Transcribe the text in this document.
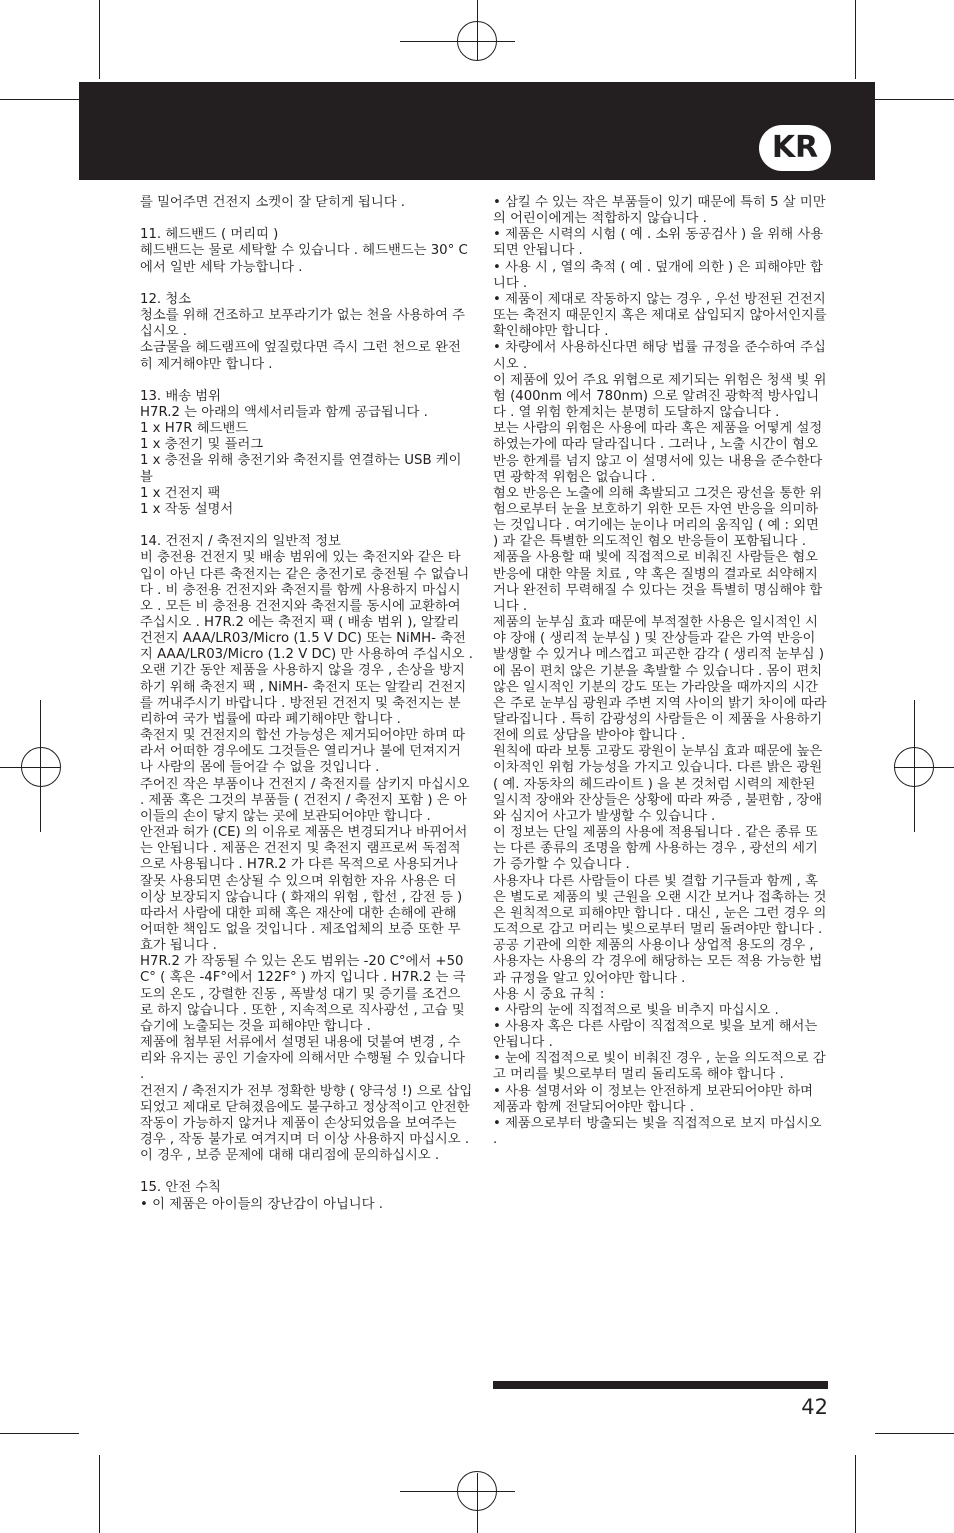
KR

를 밀어주면 건전지 소켓이 잘 닫히게 됩니다 .

11. 헤드밴드 ( 머리띠 )

헤드밴드는 물로 세탁할 수 있습니다 . 헤드밴드는 30° C 에서 일반 세탁 가능합니다 .

12. 청소

청소를 위해 건조하고 보푸라기가 없는 천을 사용하여 주십시오 .

소금물을 헤드램프에 엎질렀다면 즉시 그런 천으로 완전히 제거해야만 합니다 .

13. 배송 범위

H7R.2 는 아래의 액세서리들과 함께 공급됩니다 .

1 x H7R 헤드밴드

1 x 충전기 및 플러그

1 x 충전을 위해 충전기와 축전지를 연결하는 USB 케이블

1 x 건전지 팩

1 x 작동 설명서

14. 건전지 / 축전지의 일반적 정보

비 충전용 건전지 및 배송 범위에 있는 축전지와 같은 타입이 아닌 다른 축전지는 같은 충전기로 충전될 수 없습니다 . 비 충전용 건전지와 축전지를 함께 사용하지 마십시오 . 모든 비 충전용 건전지와 축전지를 동시에 교환하여 주십시오 . H7R.2 에는 축전지 팩 ( 배송 범위 ), 알칼리 건전지 AAA/LR03/Micro (1.5 V DC) 또는 NiMH- 축전지 AAA/LR03/Micro (1.2 V DC) 만 사용하여 주십시오 .

오랜 기간 동안 제품을 사용하지 않을 경우 , 손상을 방지하기 위해 축전지 팩 , NiMH- 축전지 또는 알칼리 건전지를 꺼내주시기 바랍니다 . 방전된 건전지 및 축전지는 분리하여 국가 법률에 따라 폐기해야만 합니다 .

축전지 및 건전지의 합선 가능성은 제거되어야만 하며 따라서 어떠한 경우에도 그것들은 열리거나 불에 던져지거나 사람의 몸에 들어갈 수 없을 것입니다 .

주어진 작은 부품이나 건전지 / 축전지를 삼키지 마십시오 . 제품 혹은 그것의 부품들 ( 건전지 / 축전지 포함 ) 은 아이들의 손이 닿지 않는 곳에 보관되어야만 합니다 .

안전과 허가 (CE) 의 이유로 제품은 변경되거나 바뀌어서는 안됩니다 . 제품은 건전지 및 축전지 램프로써 독점적으로 사용됩니다 . H7R.2 가 다른 목적으로 사용되거나 잘못 사용되면 손상될 수 있으며 위험한 자유 사용은 더 이상 보장되지 않습니다 ( 화재의 위험 , 합선 , 감전 등 ) 따라서 사람에 대한 피해 혹은 재산에 대한 손해에 관해 어떠한 책임도 없을 것입니다 . 제조업체의 보증 또한 무효가 됩니다 .

H7R.2 가 작동될 수 있는 온도 범위는 -20 C°에서 +50 C° ( 혹은 -4F°에서 122F° ) 까지 입니다 . H7R.2 는 극도의 온도 , 강렬한 진동 , 폭발성 대기 및 증기를 조건으로 하지 않습니다 . 또한 , 지속적으로 직사광선 , 고습 및 습기에 노출되는 것을 피해야만 합니다 .

제품에 첨부된 서류에서 설명된 내용에 덧붙여 변경 , 수리와 유지는 공인 기술자에 의해서만 수행될 수 있습니다 .

건전지 / 축전지가 전부 정확한 방향 ( 양극성 !) 으로 삽입되었고 제대로 닫혀졌음에도 불구하고 정상적이고 안전한 작동이 가능하지 않거나 제품이 손상되었음을 보여주는 경우 , 작동 불가로 여겨지며 더 이상 사용하지 마십시오 . 이 경우 , 보증 문제에 대해 대리점에 문의하십시오 .

15. 안전 수칙

• 이 제품은 아이들의 장난감이 아닙니다 .

• 삼킬 수 있는 작은 부품들이 있기 때문에 특히 5 살 미만의 어린이에게는 적합하지 않습니다 .

• 제품은 시력의 시험 ( 예 . 소위 동공검사 ) 을 위해 사용되면 안됩니다 .

• 사용 시 , 열의 축적 ( 예 . 덮개에 의한 ) 은 피해야만 합니다 .

• 제품이 제대로 작동하지 않는 경우 , 우선 방전된 건전지 또는 축전지 때문인지 혹은 제대로 삽입되지 않아서인지를 확인해야만 합니다 .

• 차량에서 사용하신다면 해당 법률 규정을 준수하여 주십시오 .

이 제품에 있어 주요 위협으로 제기되는 위험은 청색 빛 위험 (400nm 에서 780nm) 으로 알려진 광학적 방사입니다 . 열 위험 한계치는 분명히 도달하지 않습니다 .

보는 사람의 위험은 사용에 따라 혹은 제품을 어떻게 설정하였는가에 따라 달라집니다 . 그러나 , 노출 시간이 혐오 반응 한계를 넘지 않고 이 설명서에 있는 내용을 준수한다면 광학적 위험은 없습니다 .

혐오 반응은 노출에 의해 촉발되고 그것은 광선을 통한 위험으로부터 눈을 보호하기 위한 모든 자연 반응을 의미하는 것입니다 . 여기에는 눈이나 머리의 움직임 ( 예 : 외면 ) 과 같은 특별한 의도적인 혐오 반응들이 포함됩니다 .

제품을 사용할 때 빛에 직접적으로 비춰진 사람들은 혐오 반응에 대한 약물 치료 , 약 혹은 질병의 결과로 쇠약해지거나 완전히 무력해질 수 있다는 것을 특별히 명심해야 합니다 .

제품의 눈부심 효과 때문에 부적절한 사용은 일시적인 시야 장애 ( 생리적 눈부심 ) 및 잔상들과 같은 가역 반응이 발생할 수 있거나 메스껍고 피곤한 감각 ( 생리적 눈부심 ) 에 몸이 편치 않은 기분을 촉발할 수 있습니다 . 몸이 편치 않은 일시적인 기분의 강도 또는 가라앉을 때까지의 시간은 주로 눈부심 광원과 주변 지역 사이의 밝기 차이에 따라 달라집니다 . 특히 감광성의 사람들은 이 제품을 사용하기 전에 의료 상담을 받아야 합니다 .

원칙에 따라 보통 고광도 광원이 눈부심 효과 때문에 높은 이차적인 위험 가능성을 가지고 있습니다. 다른 밝은 광원 ( 예. 자동차의 헤드라이트 ) 을 본 것처럼 시력의 제한된 일시적 장애와 잔상들은 상황에 따라 짜증 , 불편함 , 장애와 심지어 사고가 발생할 수 있습니다 .

이 정보는 단일 제품의 사용에 적용됩니다 . 같은 종류 또는 다른 종류의 조명을 함께 사용하는 경우 , 광선의 세기가 증가할 수 있습니다 .

사용자나 다른 사람들이 다른 빛 결합 기구들과 함께 , 혹은 별도로 제품의 빛 근원을 오랜 시간 보거나 접촉하는 것은 원칙적으로 피해야만 합니다 . 대신 , 눈은 그런 경우 의도적으로 감고 머리는 빛으로부터 멀리 돌려야만 합니다 .

공공 기관에 의한 제품의 사용이나 상업적 용도의 경우 , 사용자는 사용의 각 경우에 해당하는 모든 적용 가능한 법과 규정을 알고 있어야만 합니다 .

사용 시 중요 규칙 :

• 사람의 눈에 직접적으로 빛을 비추지 마십시오 .

• 사용자 혹은 다른 사람이 직접적으로 빛을 보게 해서는 안됩니다 .

• 눈에 직접적으로 빛이 비춰진 경우 , 눈을 의도적으로 감고 머리를 빛으로부터 멀리 돌리도록 해야 합니다 .

• 사용 설명서와 이 정보는 안전하게 보관되어야만 하며 제품과 함께 전달되어야만 합니다 .

• 제품으로부터 방출되는 빛을 직접적으로 보지 마십시오 .

42
